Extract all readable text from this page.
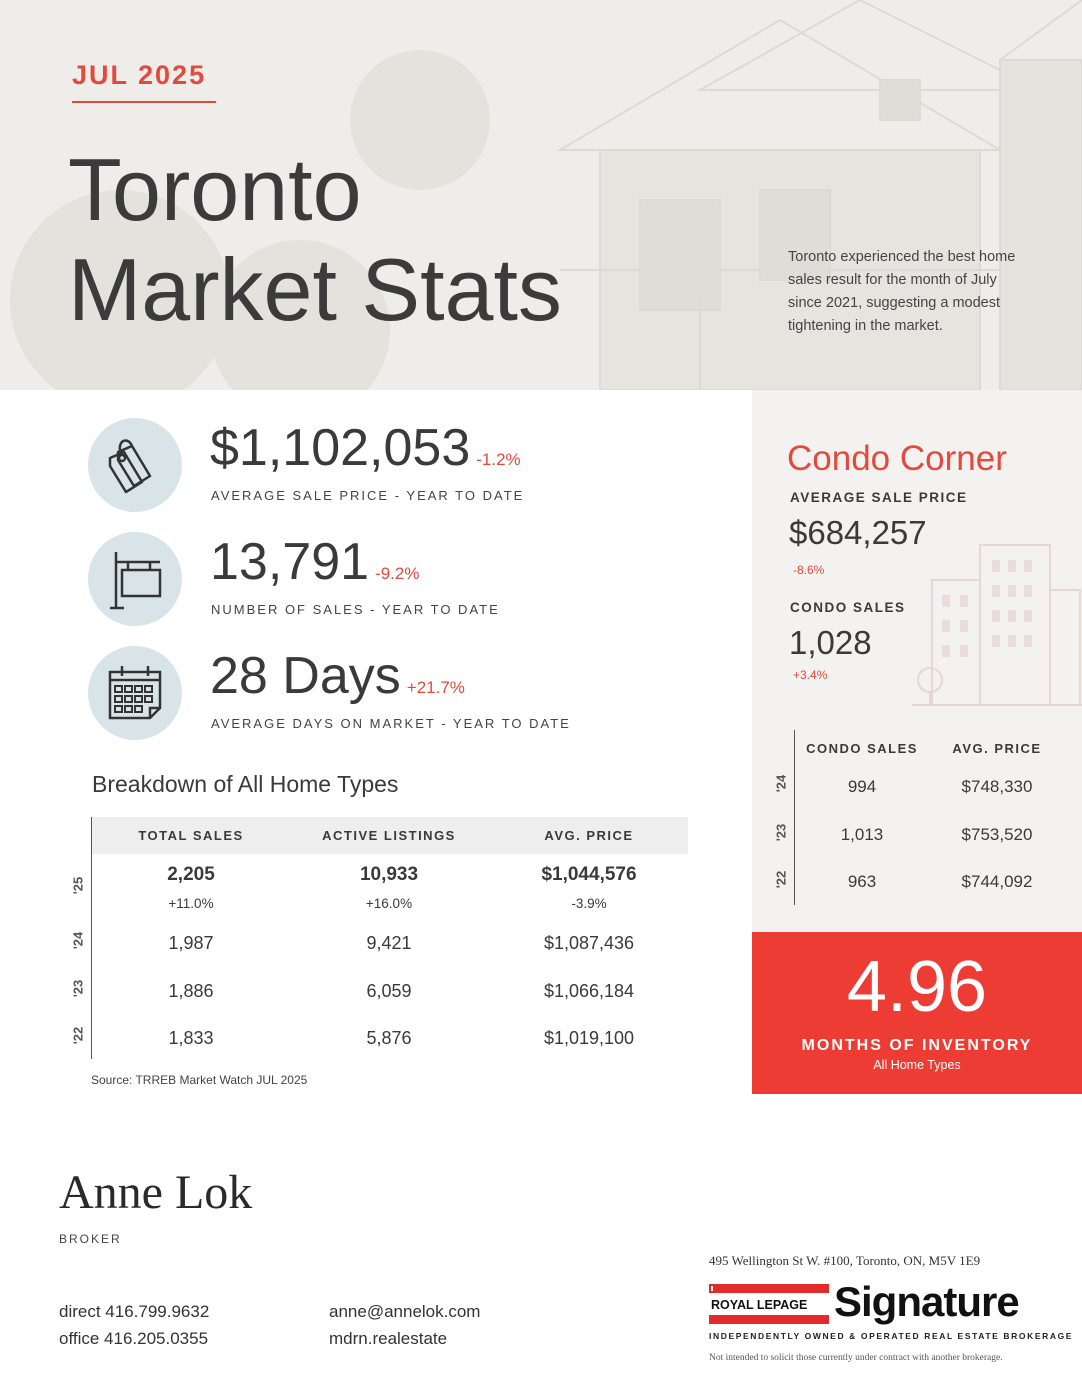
JUL 2025
Toronto
Market Stats	Toronto experienced the best home sales result for the month of July since 2021, suggesting a modest tightening in the market.
$1,102,053 -1.2%
AVERAGE SALE PRICE - YEAR TO DATE
13,791 -9.2%
NUMBER OF SALES - YEAR TO DATE
28 Days +21.7%
AVERAGE DAYS ON MARKET - YEAR TO DATE
Breakdown of All Home Types
TOTAL SALES	ACTIVE LISTINGS	AVG. PRICE
'25
2,205	10,933	$1,044,576
+11.0%	+16.0%	-3.9%
'24	1,987	9,421	$1,087,436
'23	1,886	6,059	$1,066,184
'22	1,833	5,876	$1,019,100
Source: TRREB Market Watch JUL 2025
Condo Corner
AVERAGE SALE PRICE
$684,257
-8.6%
CONDO SALES
1,028
+3.4%
CONDO SALES	AVG. PRICE
'24	994	$748,330
'23	1,013	$753,520
'22	963	$744,092
4.96
MONTHS OF INVENTORY
All Home Types
Anne Lok
BROKER
direct 416.799.9632
office 416.205.0355
anne@annelok.com
mdrn.realestate
495 Wellington St W. #100, Toronto, ON, M5V 1E9
ROYAL LEPAGE Signature
INDEPENDENTLY OWNED & OPERATED REAL ESTATE BROKERAGE
Not intended to solicit those currently under contract with another brokerage.
